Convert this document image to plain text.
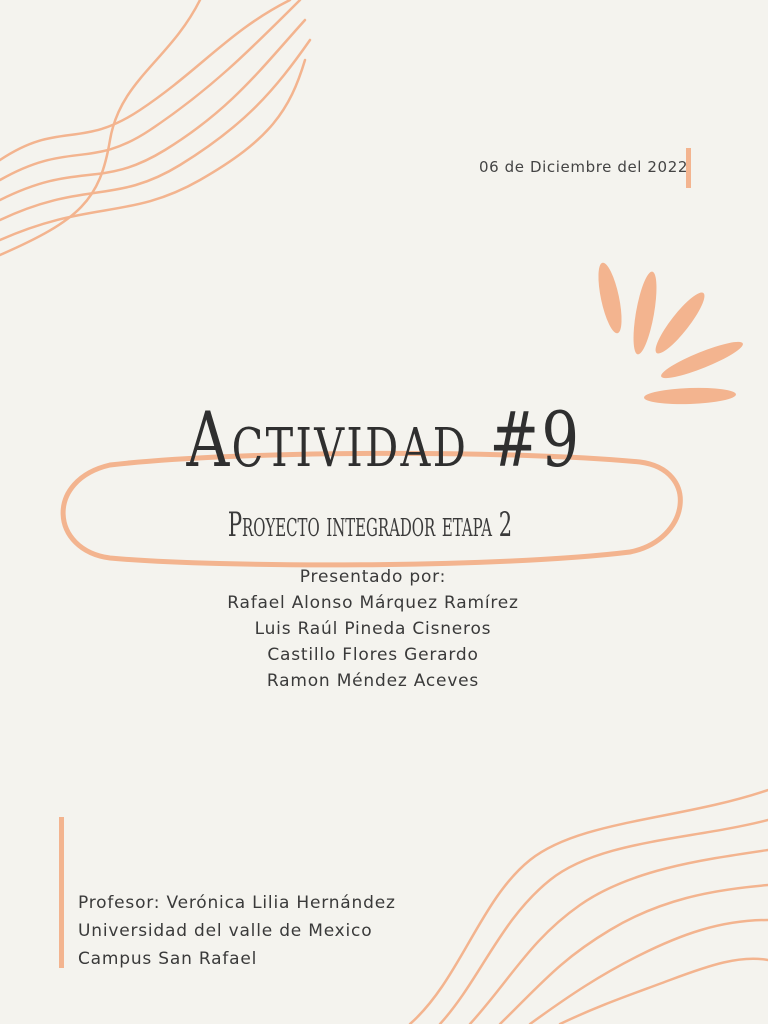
06 de Diciembre del 2022
Actividad #9
Proyecto integrador etapa 2
Presentado por:
Rafael Alonso Márquez Ramírez
Luis Raúl Pineda Cisneros
Castillo Flores Gerardo
Ramon Méndez Aceves
Profesor: Verónica Lilia Hernández
Universidad del valle de Mexico
Campus San Rafael
